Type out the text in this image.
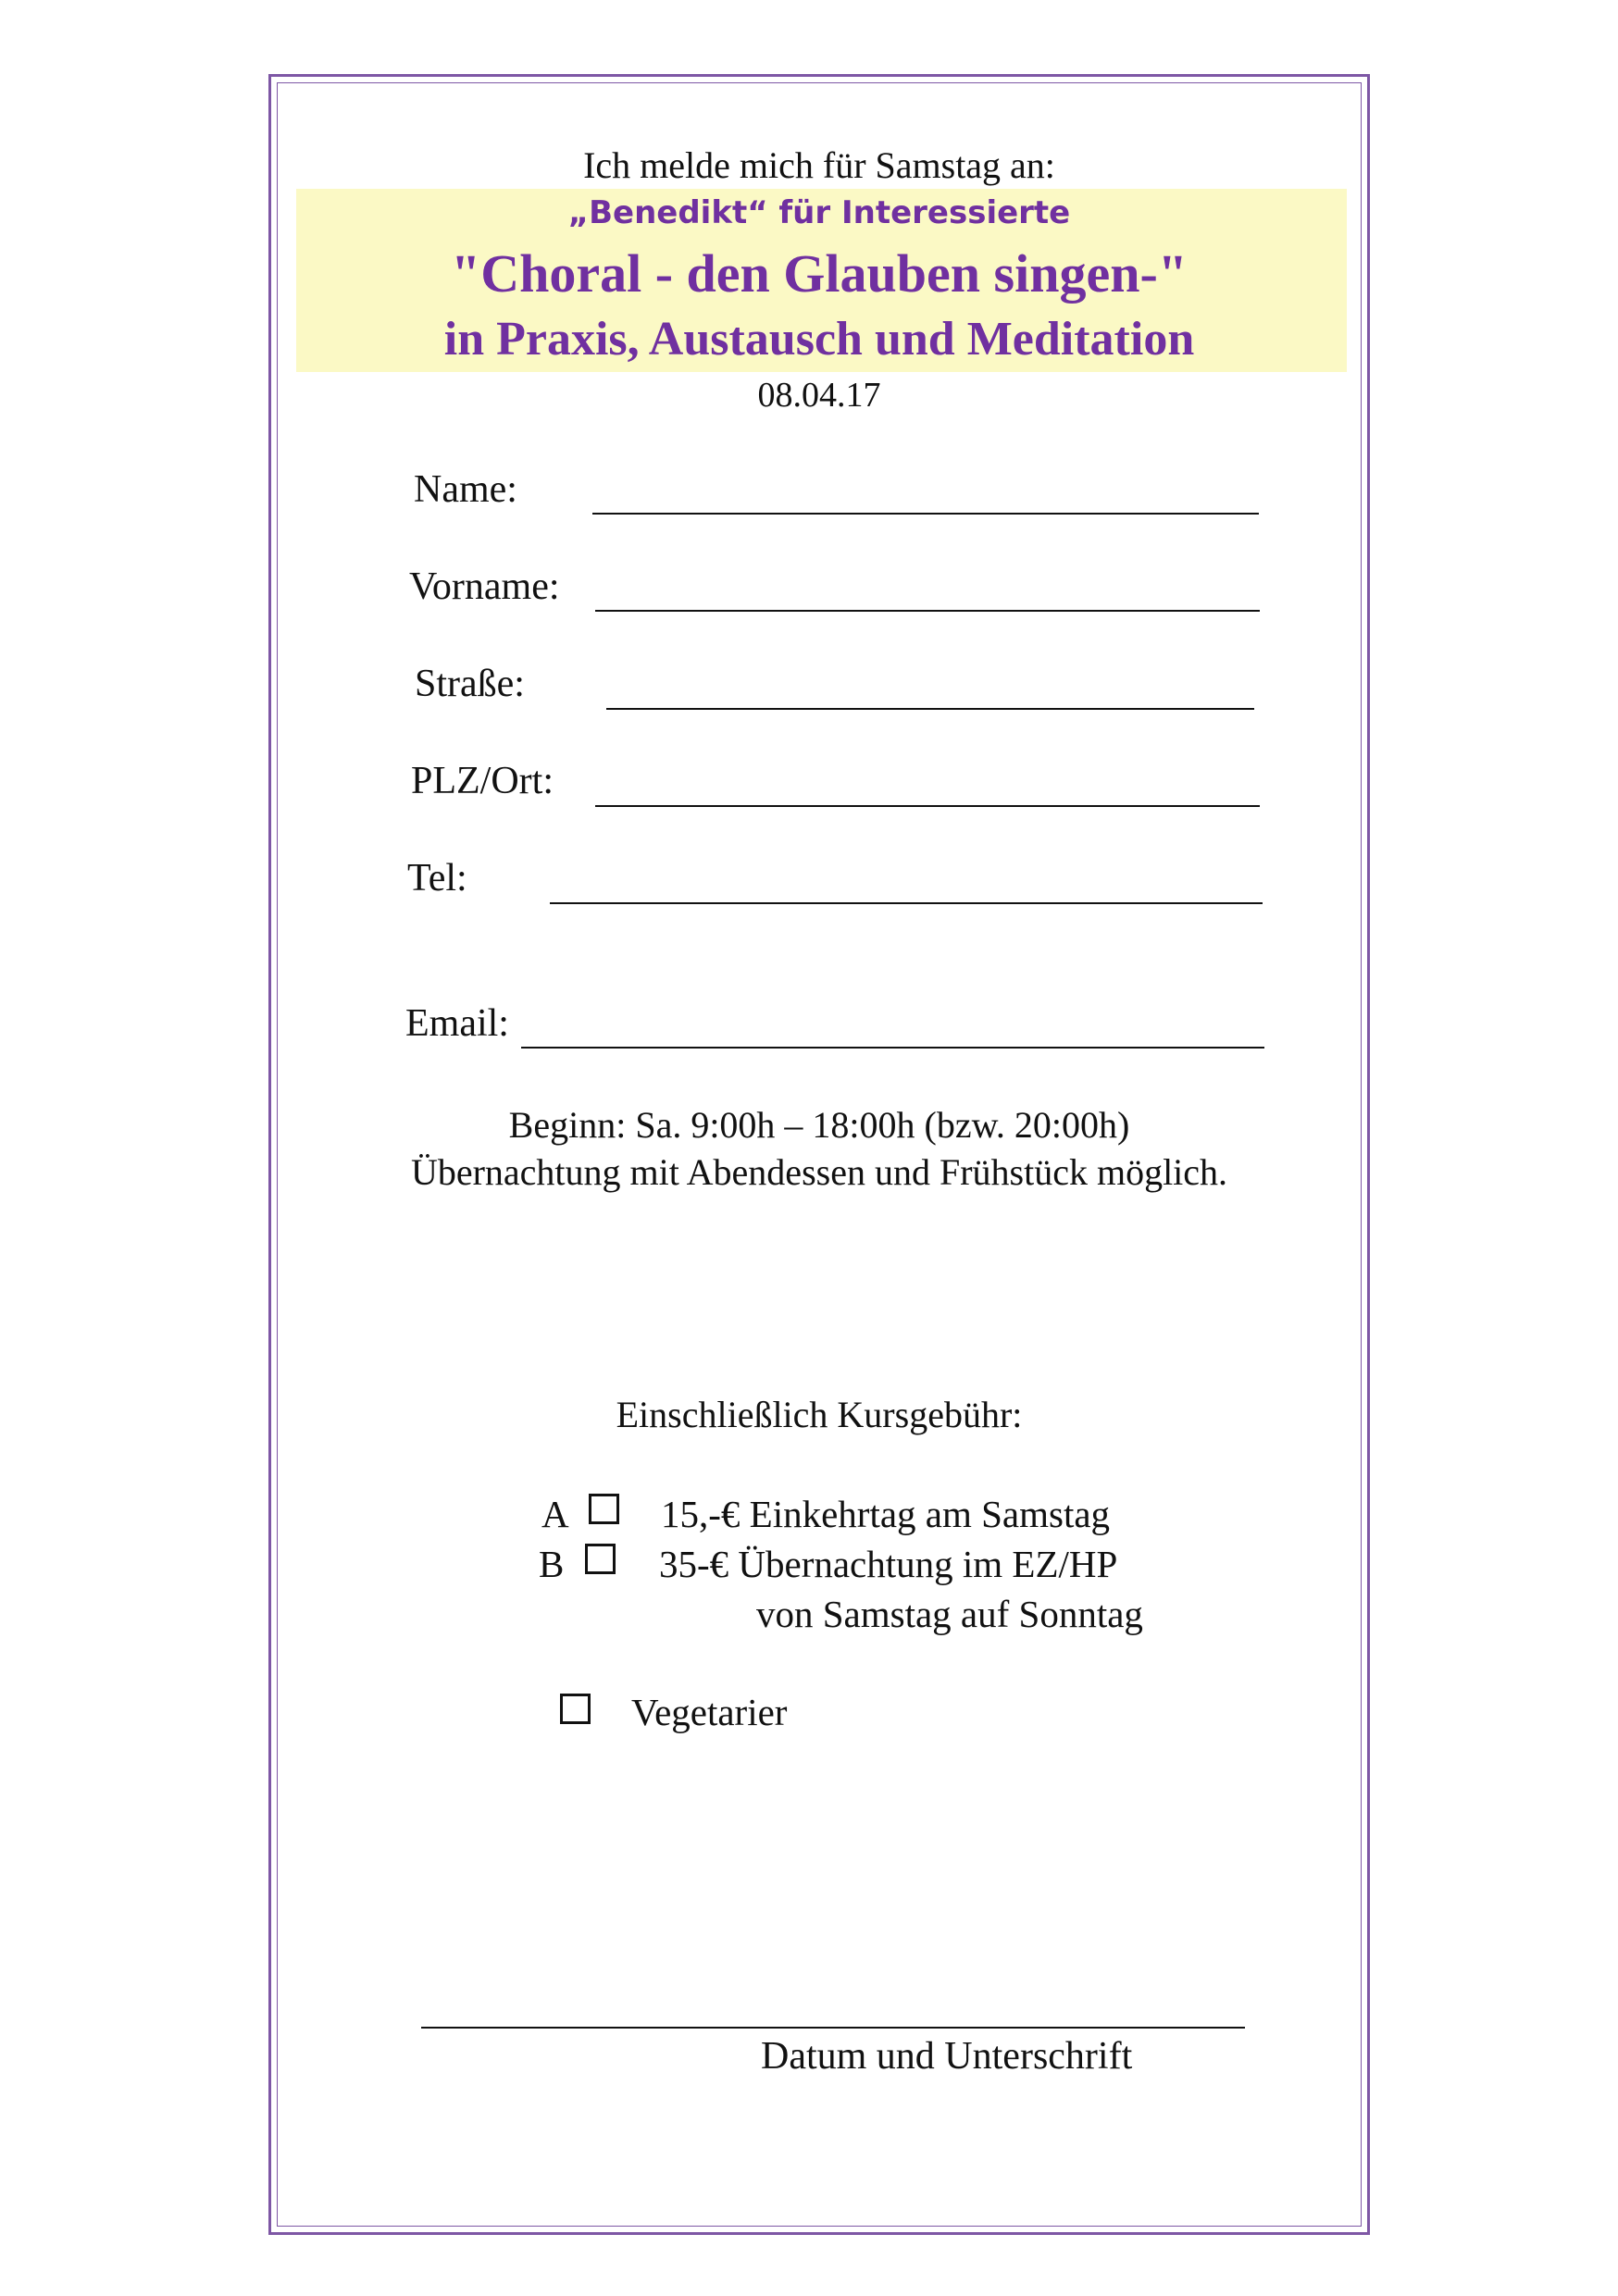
Ich melde mich für Samstag an:
„Benedikt“ für Interessierte
"Choral - den Glauben singen-"
in Praxis, Austausch und Meditation
08.04.17
Name:
Vorname:
Straße:
PLZ/Ort:
Tel:
Email:
Beginn: Sa. 9:00h – 18:00h (bzw. 20:00h)
Übernachtung mit Abendessen und Frühstück möglich.
Einschließlich Kursgebühr:
A 15,-€ Einkehrtag am Samstag
B	35-€ Übernachtung im EZ/HP
von Samstag auf Sonntag
Vegetarier
Datum und Unterschrift
